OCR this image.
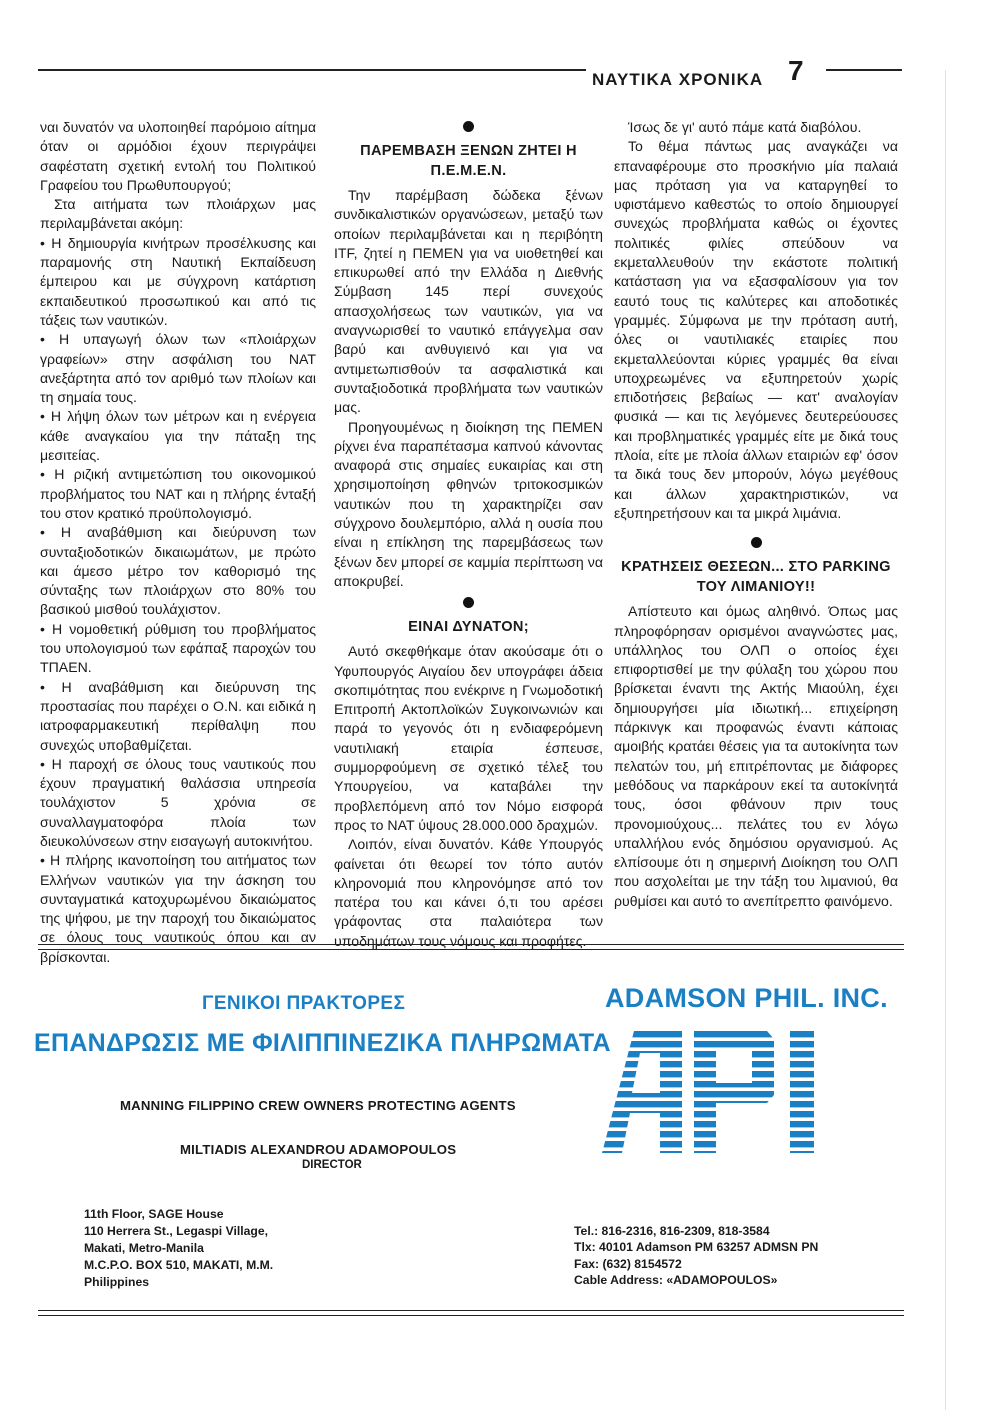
ΝΑΥΤΙΚΑ ΧΡΟΝΙΚΑ 7

ναι δυνατόν να υλοποιηθεί παρόμοιο αίτημα όταν οι αρμόδιοι έχουν περιγράψει σαφέστατη σχετική εντολή του Πολιτικού Γραφείου του Πρωθυπουργού;

Στα αιτήματα των πλοιάρχων μας περιλαμβάνεται ακόμη:

• Η δημιουργία κινήτρων προσέλκυσης και παραμονής στη Ναυτική Εκπαίδευση έμπειρου και με σύγχρονη κατάρτιση εκπαιδευτικού προσωπικού και από τις τάξεις των ναυτικών.

• Η υπαγωγή όλων των «πλοιάρχων γραφείων» στην ασφάλιση του ΝΑΤ ανεξάρτητα από τον αριθμό των πλοίων και τη σημαία τους.

• Η λήψη όλων των μέτρων και η ενέργεια κάθε αναγκαίου για την πάταξη της μεσιτείας.

• Η ριζική αντιμετώπιση του οικονομικού προβλήματος του ΝΑΤ και η πλήρης ένταξή του στον κρατικό προϋπολογισμό.

• Η αναβάθμιση και διεύρυνση των συνταξιοδοτικών δικαιωμάτων, με πρώτο και άμεσο μέτρο τον καθορισμό της σύνταξης των πλοιάρχων στο 80% του βασικού μισθού τουλάχιστον.

• Η νομοθετική ρύθμιση του προβλήματος του υπολογισμού των εφάπαξ παροχών του ΤΠΑΕΝ.

• Η αναβάθμιση και διεύρυνση της προστασίας που παρέχει ο Ο.Ν. και ειδικά η ιατροφαρμακευτική περίθαλψη που συνεχώς υποβαθμίζεται.

• Η παροχή σε όλους τους ναυτικούς που έχουν πραγματική θαλάσσια υπηρεσία τουλάχιστον 5 χρόνια σε συναλλαγματοφόρα πλοία των διευκολύνσεων στην εισαγωγή αυτοκινήτου.

• Η πλήρης ικανοποίηση του αιτήματος των Ελλήνων ναυτικών για την άσκηση του συνταγματικά κατοχυρωμένου δικαιώματος της ψήφου, με την παροχή του δικαιώματος σε όλους τους ναυτικούς όπου και αν βρίσκονται.

ΠΑΡΕΜΒΑΣΗ ΞΕΝΩΝ ΖΗΤΕΙ Η Π.Ε.Μ.Ε.Ν.

Την παρέμβαση δώδεκα ξένων συνδικαλιστικών οργανώσεων, μεταξύ των οποίων περιλαμβάνεται και η περιβόητη ITF, ζητεί η ΠΕΜΕΝ για να υιοθετηθεί και επικυρωθεί από την Ελλάδα η Διεθνής Σύμβαση 145 περί συνεχούς απασχολήσεως των ναυτικών, για να αναγνωρισθεί το ναυτικό επάγγελμα σαν βαρύ και ανθυγιεινό και για να αντιμετωπισθούν τα ασφαλιστικά και συνταξιοδοτικά προβλήματα των ναυτικών μας.

Προηγουμένως η διοίκηση της ΠΕΜΕΝ ρίχνει ένα παραπέτασμα καπνού κάνοντας αναφορά στις σημαίες ευκαιρίας και στη χρησιμοποίηση φθηνών τριτοκοσμικών ναυτικών που τη χαρακτηρίζει σαν σύγχρονο δουλεμπόριο, αλλά η ουσία που είναι η επίκληση της παρεμβάσεως των ξένων δεν μπορεί σε καμμία περίπτωση να αποκρυβεί.

ΕΙΝΑΙ ΔΥΝΑΤΟΝ;

Αυτό σκεφθήκαμε όταν ακούσαμε ότι ο Υφυπουργός Αιγαίου δεν υπογράφει άδεια σκοπιμότητας που ενέκρινε η Γνωμοδοτική Επιτροπή Ακτοπλοϊκών Συγκοινωνιών και παρά το γεγονός ότι η ενδιαφερόμενη ναυτιλιακή εταιρία έσπευσε, συμμορφούμενη σε σχετικό τέλεξ του Υπουργείου, να καταβάλει την προβλεπόμενη από τον Νόμο εισφορά προς το ΝΑΤ ύψους 28.000.000 δραχμών.

Λοιπόν, είναι δυνατόν. Κάθε Υπουργός φαίνεται ότι θεωρεί τον τόπο αυτόν κληρονομιά που κληρονόμησε από τον πατέρα του και κάνει ό,τι του αρέσει γράφοντας στα παλαιότερα των υποδημάτων τους νόμους και προφήτες.

Ίσως δε γι' αυτό πάμε κατά διαβόλου.

Το θέμα πάντως μας αναγκάζει να επαναφέρουμε στο προσκήνιο μία παλαιά μας πρόταση για να καταργηθεί το υφιστάμενο καθεστώς το οποίο δημιουργεί συνεχώς προβλήματα καθώς οι έχοντες πολιτικές φιλίες σπεύδουν να εκμεταλλευθούν την εκάστοτε πολιτική κατάσταση για να εξασφαλίσουν για τον εαυτό τους τις καλύτερες και αποδοτικές γραμμές. Σύμφωνα με την πρόταση αυτή, όλες οι ναυτιλιακές εταιρίες που εκμεταλλεύονται κύριες γραμμές θα είναι υποχρεωμένες να εξυπηρετούν χωρίς επιδοτήσεις βεβαίως — κατ' αναλογίαν φυσικά — και τις λεγόμενες δευτερεύουσες και προβληματικές γραμμές είτε με δικά τους πλοία, είτε με πλοία άλλων εταιριών εφ' όσον τα δικά τους δεν μπορούν, λόγω μεγέθους και άλλων χαρακτηριστικών, να εξυπηρετήσουν και τα μικρά λιμάνια.

ΚΡΑΤΗΣΕΙΣ ΘΕΣΕΩΝ... ΣΤΟ PARKING ΤΟΥ ΛΙΜΑΝΙΟΥ!!

Απίστευτο και όμως αληθινό. Όπως μας πληροφόρησαν ορισμένοι αναγνώστες μας, υπάλληλος του ΟΛΠ ο οποίος έχει επιφορτισθεί με την φύλαξη του χώρου που βρίσκεται έναντι της Ακτής Μιαούλη, έχει δημιουργήσει μία ιδιωτική... επιχείρηση πάρκινγκ και προφανώς έναντι κάποιας αμοιβής κρατάει θέσεις για τα αυτοκίνητα των πελατών του, μή επιτρέποντας με διάφορες μεθόδους να παρκάρουν εκεί τα αυτοκίνητά τους, όσοι φθάνουν πριν τους προνομιούχους... πελάτες του εν λόγω υπαλλήλου ενός δημόσιου οργανισμού. Ας ελπίσουμε ότι η σημερινή Διοίκηση του ΟΛΠ που ασχολείται με την τάξη του λιμανιού, θα ρυθμίσει και αυτό το ανεπίτρεπτο φαινόμενο.

ΓΕΝΙΚΟΙ ΠΡΑΚΤΟΡΕΣ
ΕΠΑΝΔΡΩΣΙΣ ΜΕ ΦΙΛΙΠΠΙΝΕΖΙΚΑ ΠΛΗΡΩΜΑΤΑ
ADAMSON PHIL. INC.
MANNING FILIPPINO CREW OWNERS PROTECTING AGENTS
MILTIADIS ALEXANDROU ADAMOPOULOS
DIRECTOR
11th Floor, SAGE House
110 Herrera St., Legaspi Village,
Makati, Metro-Manila
M.C.P.O. BOX 510, MAKATI, M.M.
Philippines
Tel.: 816-2316, 816-2309, 818-3584
Tlx: 40101 Adamson PM 63257 ADMSN PN
Fax: (632) 8154572
Cable Address: «ADAMOPOULOS»
